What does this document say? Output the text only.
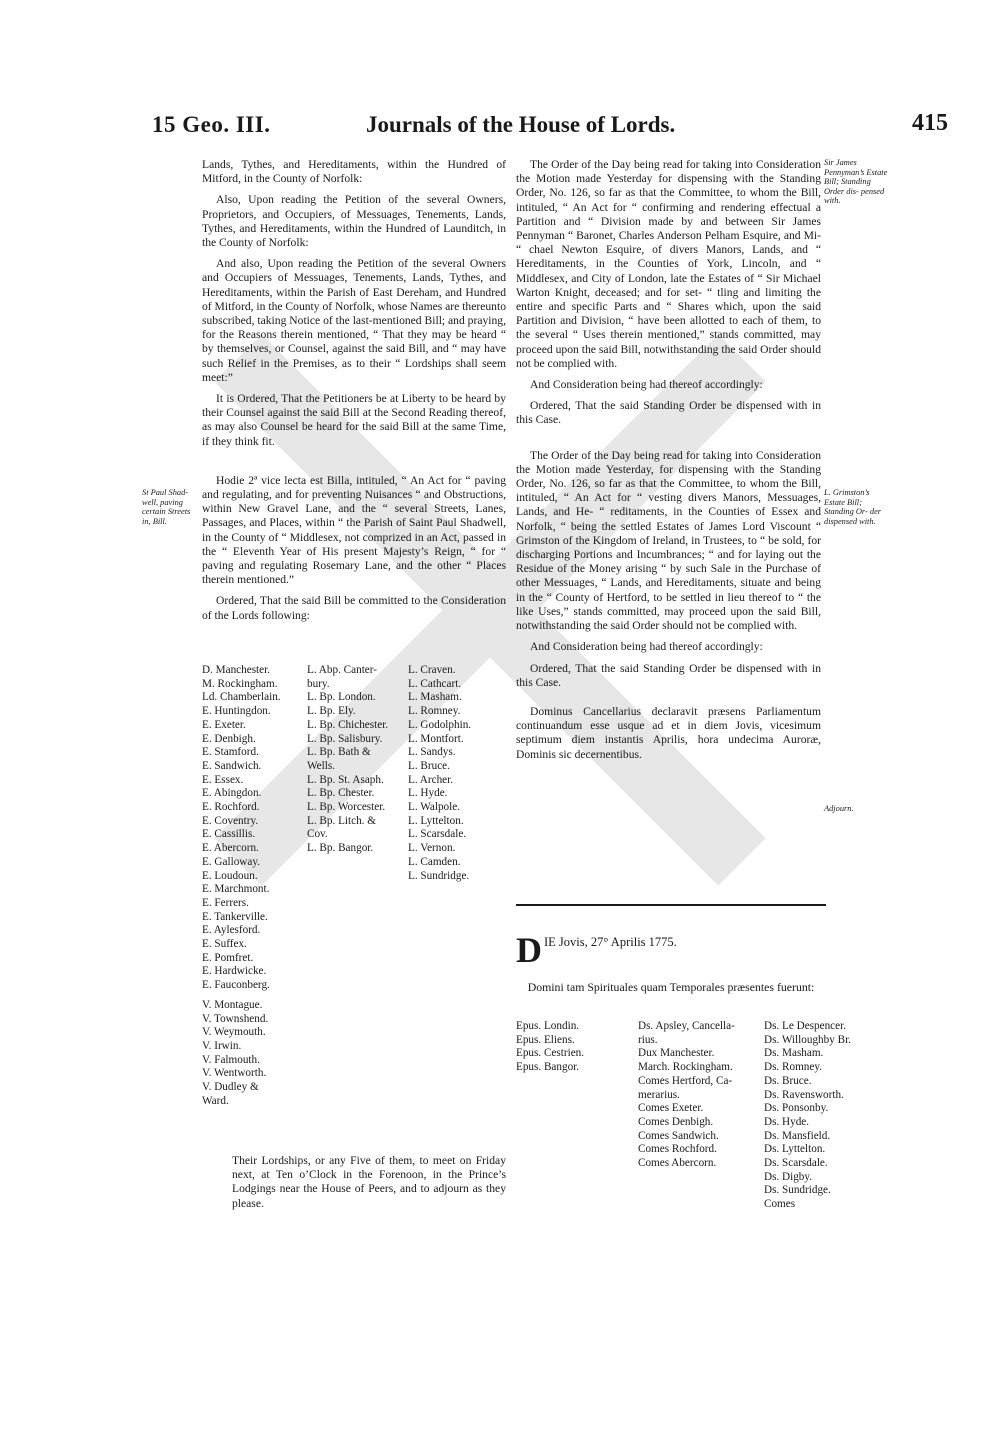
15 Geo. III.	Journals of the House of Lords.	415

Lands, Tythes, and Hereditaments, within the Hundred of Mitford, in the County of Norfolk:

Also, Upon reading the Petition of the several Owners, Proprietors, and Occupiers, of Messuages, Tenements, Lands, Tythes, and Hereditaments, within the Hundred of Launditch, in the County of Norfolk:

And also, Upon reading the Petition of the several Owners and Occupiers of Messuages, Tenements, Lands, Tythes, and Hereditaments, within the Parish of East Dereham, and Hundred of Mitford, in the County of Norfolk, whose Names are thereunto subscribed, taking Notice of the last-mentioned Bill; and praying, for the Reasons therein mentioned, “ That they may be heard “ by themselves, or Counsel, against the said Bill, and “ may have such Relief in the Premises, as to their “ Lordships shall seem meet:”

It is Ordered, That the Petitioners be at Liberty to be heard by their Counsel against the said Bill at the Second Reading thereof, as may also Counsel be heard for the said Bill at the same Time, if they think fit.

Hodie 2ª vice lecta est Billa, intituled, “ An Act for “ paving and regulating, and for preventing Nuisances “ and Obstructions, within New Gravel Lane, and the “ several Streets, Lanes, Passages, and Places, within “ the Parish of Saint Paul Shadwell, in the County of “ Middlesex, not comprized in an Act, passed in the “ Eleventh Year of His present Majesty’s Reign, “ for “ paving and regulating Rosemary Lane, and the other “ Places therein mentioned.”

Ordered, That the said Bill be committed to the Consideration of the Lords following:

D. Manchester.
M. Rockingham.
Ld. Chamberlain.
E. Huntingdon.
E. Exeter.
E. Denbigh.
E. Stamford.
E. Sandwich.
E. Essex.
E. Abingdon.
E. Rochford.
E. Coventry.
E. Cassillis.
E. Abercorn.
E. Galloway.
E. Loudoun.
E. Marchmont.
E. Ferrers.
E. Tankerville.
E. Aylesford.
E. Suffex.
E. Pomfret.
E. Hardwicke.
E. Fauconberg.
V. Montague.
V. Townshend.
V. Weymouth.
V. Irwin.
V. Falmouth.
V. Wentworth.
V. Dudley &
Ward.
L. Abp. Canter-
bury.
L. Bp. London.
L. Bp. Ely.
L. Bp. Chichester.
L. Bp. Salisbury.
L. Bp. Bath &
Wells.
L. Bp. St. Asaph.
L. Bp. Chester.
L. Bp. Worcester.
L. Bp. Litch. &
Cov.
L. Bp. Bangor.
L. Craven.
L. Cathcart.
L. Masham.
L. Romney.
L. Godolphin.
L. Montfort.
L. Sandys.
L. Bruce.
L. Archer.
L. Hyde.
L. Walpole.
L. Lyttelton.
L. Scarsdale.
L. Vernon.
L. Camden.
L. Sundridge.
Their Lordships, or any Five of them, to meet on Friday next, at Ten o’Clock in the Forenoon, in the Prince’s Lodgings near the House of Peers, and to adjourn as they please.

The Order of the Day being read for taking into Consideration the Motion made Yesterday for dispensing with the Standing Order, No. 126, so far as that the Committee, to whom the Bill, intituled, “ An Act for “ confirming and rendering effectual a Partition and “ Division made by and between Sir James Pennyman “ Baronet, Charles Anderson Pelham Esquire, and Mi- “ chael Newton Esquire, of divers Manors, Lands, and “ Hereditaments, in the Counties of York, Lincoln, and “ Middlesex, and City of London, late the Estates of “ Sir Michael Warton Knight, deceased; and for set- “ tling and limiting the entire and specific Parts and “ Shares which, upon the said Partition and Division, “ have been allotted to each of them, to the several “ Uses therein mentioned,” stands committed, may proceed upon the said Bill, notwithstanding the said Order should not be complied with.

And Consideration being had thereof accordingly:

Ordered, That the said Standing Order be dispensed with in this Case.

The Order of the Day being read for taking into Consideration the Motion made Yesterday, for dispensing with the Standing Order, No. 126, so far as that the Committee, to whom the Bill, intituled, “ An Act for “ vesting divers Manors, Messuages, Lands, and He- “ reditaments, in the Counties of Essex and Norfolk, “ being the settled Estates of James Lord Viscount “ Grimston of the Kingdom of Ireland, in Trustees, to “ be sold, for discharging Portions and Incumbrances; “ and for laying out the Residue of the Money arising “ by such Sale in the Purchase of other Messuages, “ Lands, and Hereditaments, situate and being in the “ County of Hertford, to be settled in lieu thereof to “ the like Uses,” stands committed, may proceed upon the said Bill, notwithstanding the said Order should not be complied with.

And Consideration being had thereof accordingly:

Ordered, That the said Standing Order be dispensed with in this Case.

Dominus Cancellarius declaravit præsens Parliamentum continuandum esse usque ad et in diem Jovis, vicesimum septimum diem instantis Aprilis, hora undecima Auroræ, Dominis sic decernentibus.

Sir James Pennyman’s Estate Bill; Standing Order dis- pensed with.
L. Grimston’s Estate Bill; Standing Or- der dispensed with.
Adjourn.
St Paul Shad- well, paving certain Streets in, Bill.
D IE Jovis, 27° Aprilis 1775.
Domini tam Spirituales quam Temporales præsentes fuerunt:
Epus. Londin.
Epus. Eliens.
Epus. Cestrien.
Epus. Bangor.
Ds. Apsley, Cancella-
rius.
Dux Manchester.
March. Rockingham.
Comes Hertford, Ca-
merarius.
Comes Exeter.
Comes Denbigh.
Comes Sandwich.
Comes Rochford.
Comes Abercorn.
Ds. Le Despencer.
Ds. Willoughby Br.
Ds. Masham.
Ds. Romney.
Ds. Bruce.
Ds. Ravensworth.
Ds. Ponsonby.
Ds. Hyde.
Ds. Mansfield.
Ds. Lyttelton.
Ds. Scarsdale.
Ds. Digby.
Ds. Sundridge.
Comes
